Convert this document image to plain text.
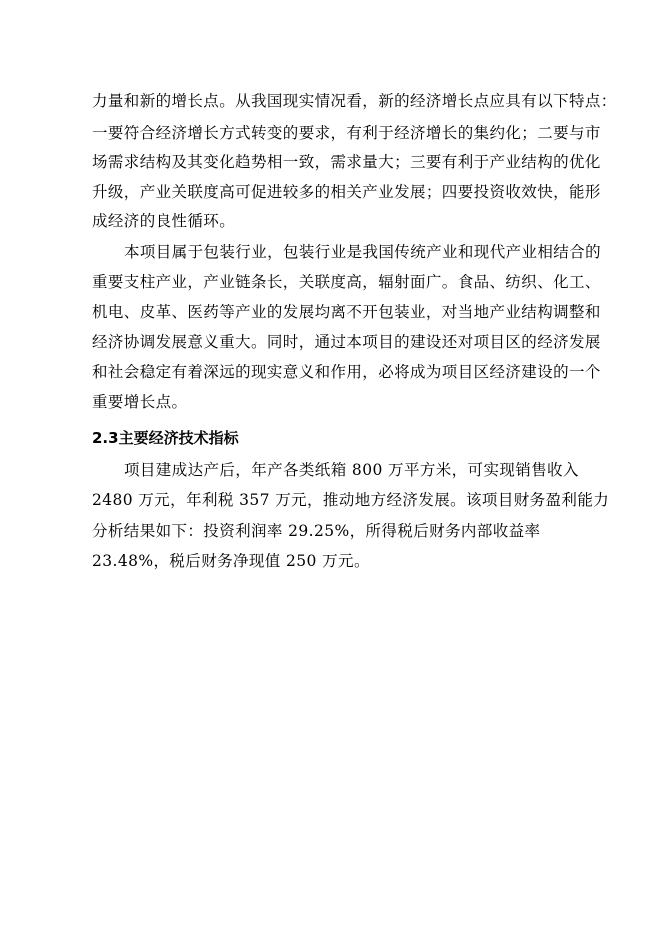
力量和新的增长点。从我国现实情况看，新的经济增长点应具有以下特点：
一要符合经济增长方式转变的要求，有利于经济增长的集约化；二要与市
场需求结构及其变化趋势相一致，需求量大；三要有利于产业结构的优化
升级，产业关联度高可促进较多的相关产业发展；四要投资收效快，能形
成经济的良性循环。
本项目属于包装行业，包装行业是我国传统产业和现代产业相结合的
重要支柱产业，产业链条长，关联度高，辐射面广。食品、纺织、化工、
机电、皮革、医药等产业的发展均离不开包装业，对当地产业结构调整和
经济协调发展意义重大。同时，通过本项目的建设还对项目区的经济发展
和社会稳定有着深远的现实意义和作用，必将成为项目区经济建设的一个
重要增长点。
2.3主要经济技术指标
项目建成达产后，年产各类纸箱 800 万平方米，可实现销售收入
2480 万元，年利税 357 万元，推动地方经济发展。该项目财务盈利能力
分析结果如下：投资利润率 29.25%，所得税后财务内部收益率
23.48%，税后财务净现值 250 万元。
